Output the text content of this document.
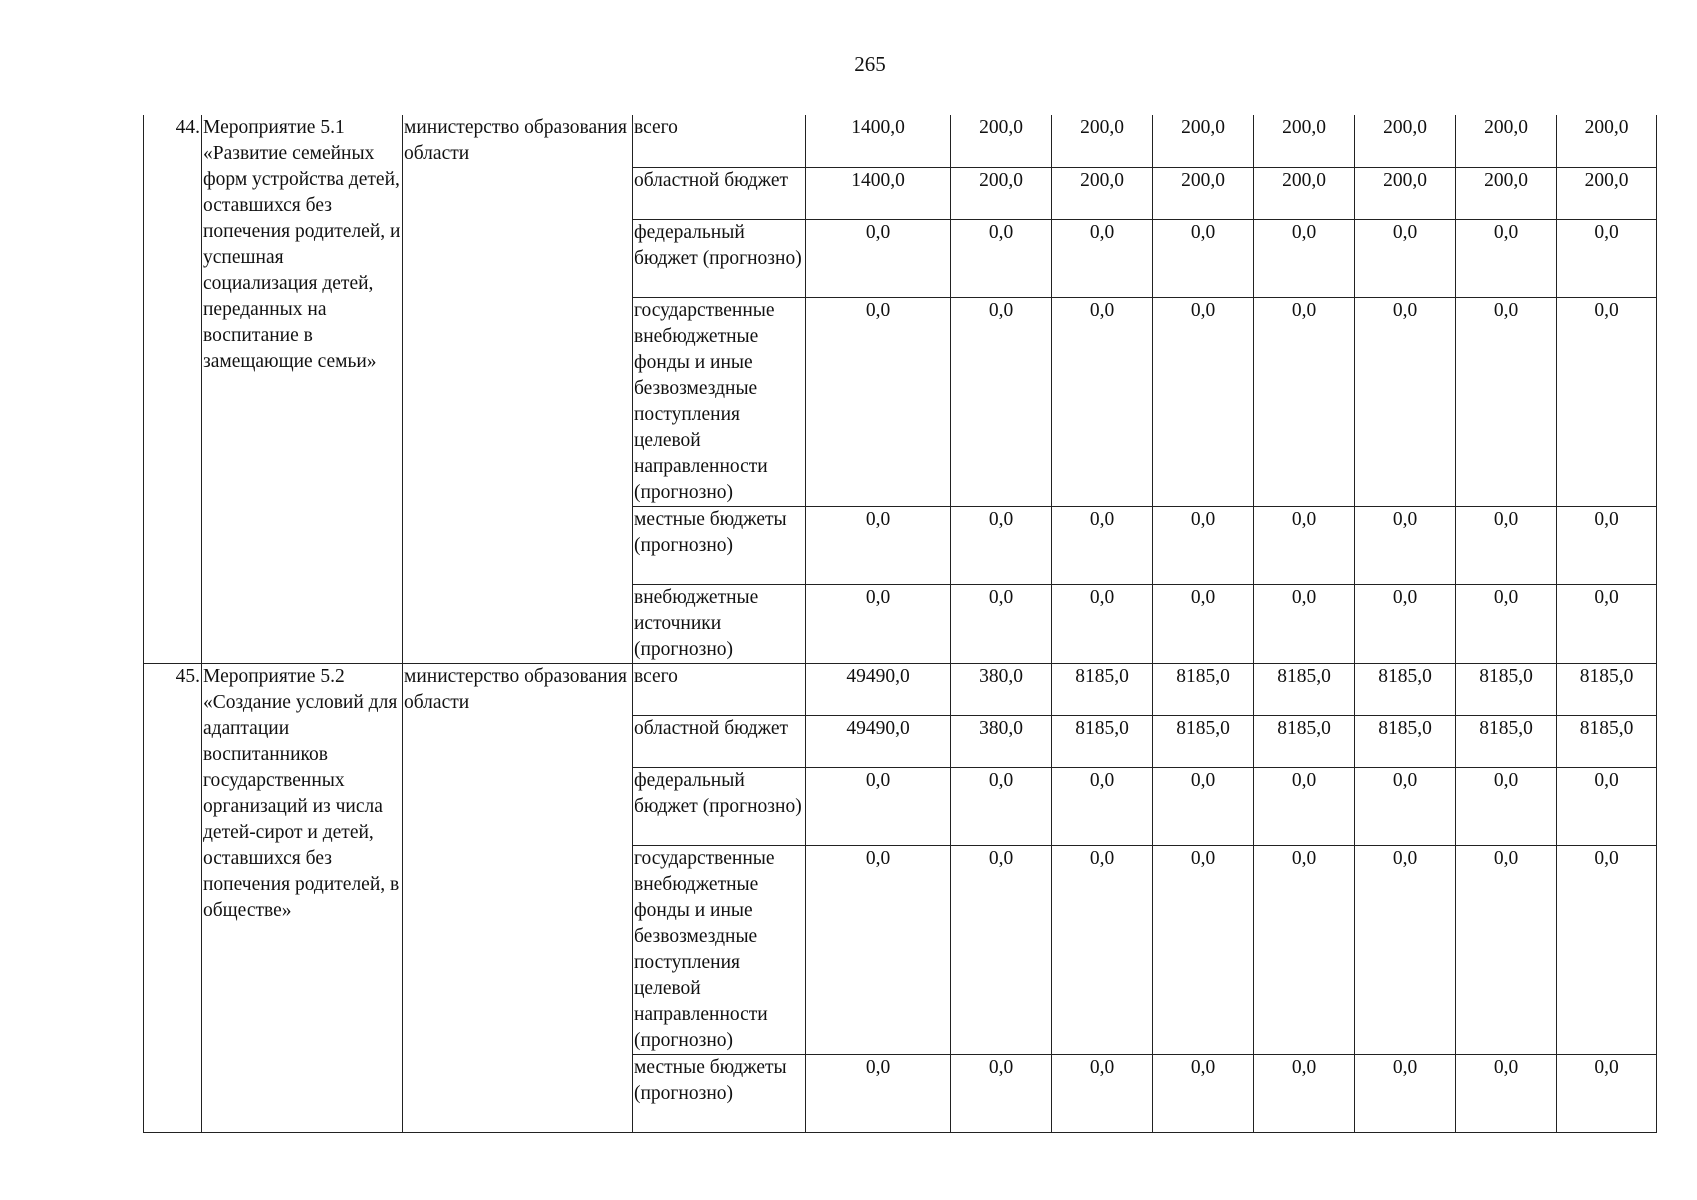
265
44.	Мероприятие 5.1 «Развитие семейных форм устройства детей, оставшихся без попечения родителей, и успешная социализация детей, переданных на воспитание в замещающие семьи»	министерство образования области	всего	1400,0	200,0	200,0	200,0	200,0	200,0	200,0	200,0
			областной бюджет	1400,0	200,0	200,0	200,0	200,0	200,0	200,0	200,0
			федеральный бюджет (прогнозно)	0,0	0,0	0,0	0,0	0,0	0,0	0,0	0,0
			государственные внебюджетные фонды и иные безвозмездные поступления целевой направленности (прогнозно)	0,0	0,0	0,0	0,0	0,0	0,0	0,0	0,0
			местные бюджеты (прогнозно)	0,0	0,0	0,0	0,0	0,0	0,0	0,0	0,0
			внебюджетные источники (прогнозно)	0,0	0,0	0,0	0,0	0,0	0,0	0,0	0,0
45.	Мероприятие 5.2 «Создание условий для адаптации воспитанников государственных организаций из числа детей-сирот и детей, оставшихся без попечения родителей, в обществе»	министерство образования области	всего	49490,0	380,0	8185,0	8185,0	8185,0	8185,0	8185,0	8185,0
			областной бюджет	49490,0	380,0	8185,0	8185,0	8185,0	8185,0	8185,0	8185,0
			федеральный бюджет (прогнозно)	0,0	0,0	0,0	0,0	0,0	0,0	0,0	0,0
			государственные внебюджетные фонды и иные безвозмездные поступления целевой направленности (прогнозно)	0,0	0,0	0,0	0,0	0,0	0,0	0,0	0,0
			местные бюджеты (прогнозно)	0,0	0,0	0,0	0,0	0,0	0,0	0,0	0,0
